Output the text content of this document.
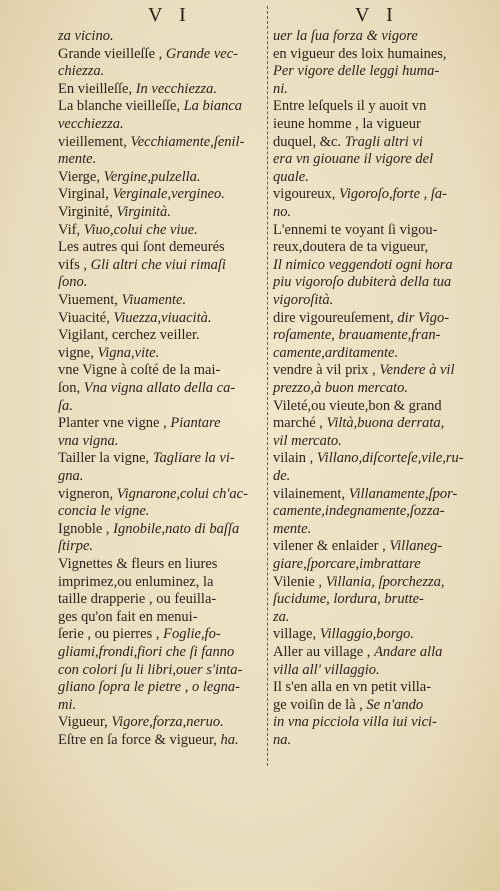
V I	V I
za vicino.
Grande vieilleſſe , Grande vec-
chiezza.
En vieilleſſe, In vecchiezza.
La blanche vieilleſſe, La bianca
vecchiezza.
vieillement, Vecchiamente,ſenil-
mente.
Vierge, Vergine,pulzella.
Virginal, Verginale,vergineo.
Virginité, Virginità.
Vif, Viuo,colui che viue.
Les autres qui ſont demeurés
vifs , Gli altri che viui rimaſi
ſono.
Viuement, Viuamente.
Viuacité, Viuezza,viuacità.
Vigilant, cerchez veiller.
vigne, Vigna,vite.
vne Vigne à coſté de la mai-
ſon, Vna vigna allato della ca-
ſa.
Planter vne vigne , Piantare
vna vigna.
Tailler la vigne, Tagliare la vi-
gna.
vigneron, Vignarone,colui ch'ac-
concia le vigne.
Ignoble , Ignobile,nato di baſſa
ſtirpe.
Vignettes & fleurs en liures
imprimez,ou enluminez, la
taille drapperie , ou feuilla-
ges qu'on fait en menui-
ſerie , ou pierres , Foglie,fo-
gliami,frondi,fiori che ſi fanno
con colori ſu li libri,ouer s'inta-
gliano ſopra le pietre , o legna-
mi.
Vigueur, Vigore,forza,neruo.
Eſtre en ſa force & vigueur, ha.
uer la ſua forza & vigore
en vigueur des loix humaines,
Per vigore delle leggi huma-
ni.
Entre leſquels il y auoit vn
ieune homme , la vigueur
duquel, &c. Tragli altri vi
era vn giouane il vigore del
quale.
vigoureux, Vigoroſo,forte , ſa-
no.
L'ennemi te voyant ſi vigou-
reux,doutera de ta vigueur,
Il nimico veggendoti ogni hora
piu vigoroſo dubiterà della tua
vigoroſità.
dire vigoureuſement, dir Vigo-
roſamente, brauamente,fran-
camente,arditamente.
vendre à vil prix , Vendere à vil
prezzo,à buon mercato.
Vileté,ou vieute,bon & grand
marché , Viltà,buona derrata,
vil mercato.
vilain , Villano,diſcorteſe,vile,ru-
de.
vilainement, Villanamente,ſpor-
camente,indegnamente,ſozza-
mente.
vilener & enlaider , Villaneg-
giare,ſporcare,imbrattare
Vilenie , Villania, ſporchezza,
ſucidume, lordura, brutte-
za.
village, Villaggio,borgo.
Aller au village , Andare alla
villa all' villaggio.
Il s'en alla en vn petit villa-
ge voiſin de là , Se n'ando
in vna picciola villa iui vici-
na.
